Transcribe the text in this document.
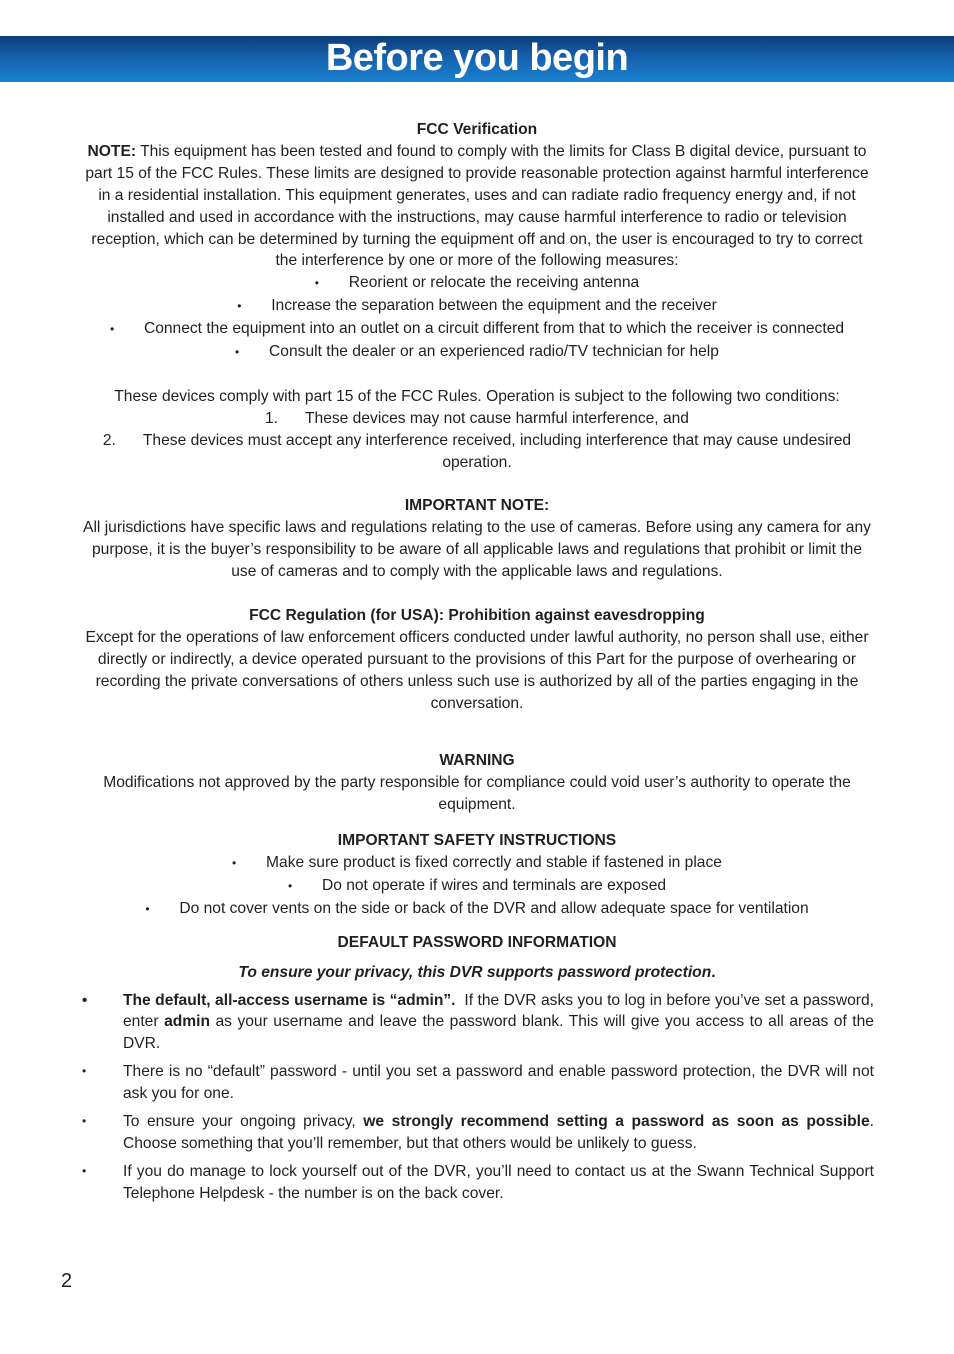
Before you begin

FCC Verification

NOTE: This equipment has been tested and found to comply with the limits for Class B digital device, pursuant to part 15 of the FCC Rules. These limits are designed to provide reasonable protection against harmful interference in a residential installation. This equipment generates, uses and can radiate radio frequency energy and, if not installed and used in accordance with the instructions, may cause harmful interference to radio or television reception, which can be determined by turning the equipment off and on, the user is encouraged to try to correct the interference by one or more of the following measures:

• Reorient or relocate the receiving antenna

• Increase the separation between the equipment and the receiver

• Connect the equipment into an outlet on a circuit different from that to which the receiver is connected

• Consult the dealer or an experienced radio/TV technician for help

These devices comply with part 15 of the FCC Rules. Operation is subject to the following two conditions:

1. These devices may not cause harmful interference, and

2. These devices must accept any interference received, including interference that may cause undesired operation.

IMPORTANT NOTE:

All jurisdictions have specific laws and regulations relating to the use of cameras. Before using any camera for any purpose, it is the buyer’s responsibility to be aware of all applicable laws and regulations that prohibit or limit the use of cameras and to comply with the applicable laws and regulations.

FCC Regulation (for USA): Prohibition against eavesdropping

Except for the operations of law enforcement officers conducted under lawful authority, no person shall use, either directly or indirectly, a device operated pursuant to the provisions of this Part for the purpose of overhearing or recording the private conversations of others unless such use is authorized by all of the parties engaging in the conversation.

WARNING

Modifications not approved by the party responsible for compliance could void user’s authority to operate the equipment.

IMPORTANT SAFETY INSTRUCTIONS

• Make sure product is fixed correctly and stable if fastened in place

• Do not operate if wires and terminals are exposed

• Do not cover vents on the side or back of the DVR and allow adequate space for ventilation

DEFAULT PASSWORD INFORMATION

To ensure your privacy, this DVR supports password protection.

• The default, all-access username is “admin”.  If the DVR asks you to log in before you’ve set a password, enter admin as your username and leave the password blank. This will give you access to all areas of the DVR.
• There is no “default” password - until you set a password and enable password protection, the DVR will not ask you for one.
• To ensure your ongoing privacy, we strongly recommend setting a password as soon as possible. Choose something that you’ll remember, but that others would be unlikely to guess.
• If you do manage to lock yourself out of the DVR, you’ll need to contact us at the Swann Technical Support Telephone Helpdesk - the number is on the back cover.
2
